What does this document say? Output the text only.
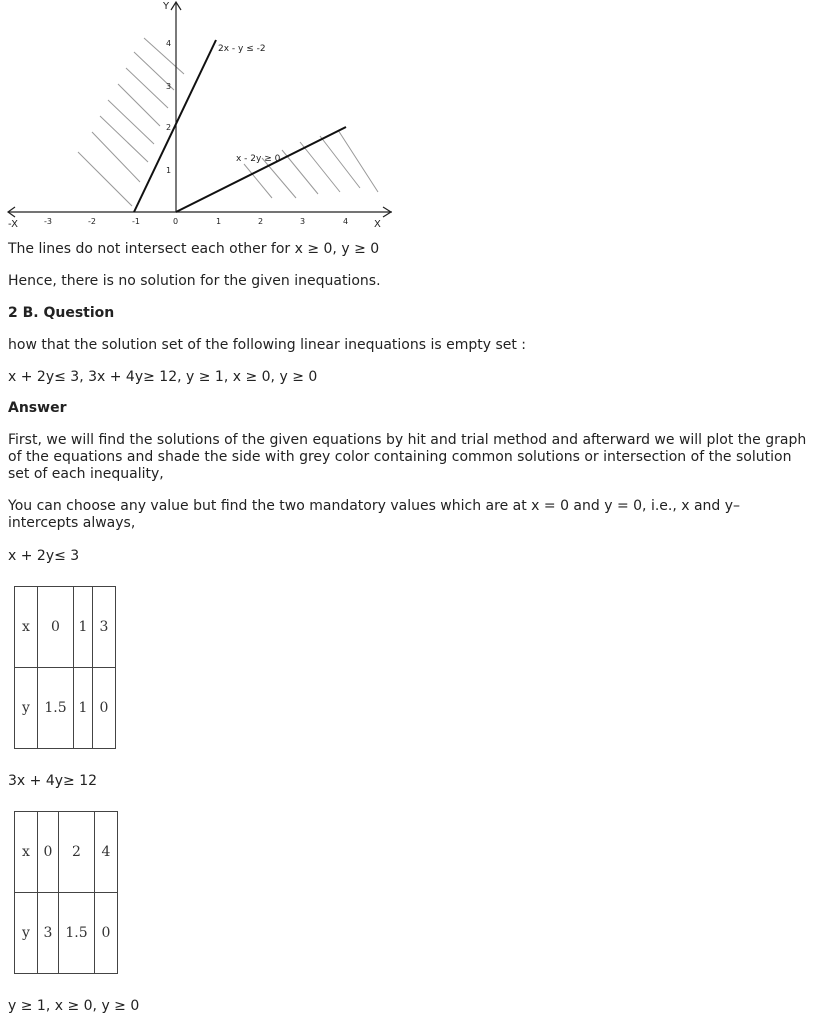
Y
X
-X	-3	-2	-1	0	1	2	3	4
4
3
2
1
2x - y ≤ -2
x - 2y ≥ 0

The lines do not intersect each other for x ≥ 0, y ≥ 0

Hence, there is no solution for the given inequations.

2 B. Question

how that the solution set of the following linear inequations is empty set :

x + 2y≤ 3, 3x + 4y≥ 12, y ≥ 1, x ≥ 0, y ≥ 0

Answer

First, we will find the solutions of the given equations by hit and trial method and afterward we will plot the graph of the equations and shade the side with grey color containing common solutions or intersection of the solution set of each inequality,

You can choose any value but find the two mandatory values which are at x = 0 and y = 0, i.e., x and y–intercepts always,

x + 2y≤ 3

x	0	1	3
y	1.5	1	0

3x + 4y≥ 12

x	0	2	4
y	3	1.5	0

y ≥ 1, x ≥ 0, y ≥ 0
